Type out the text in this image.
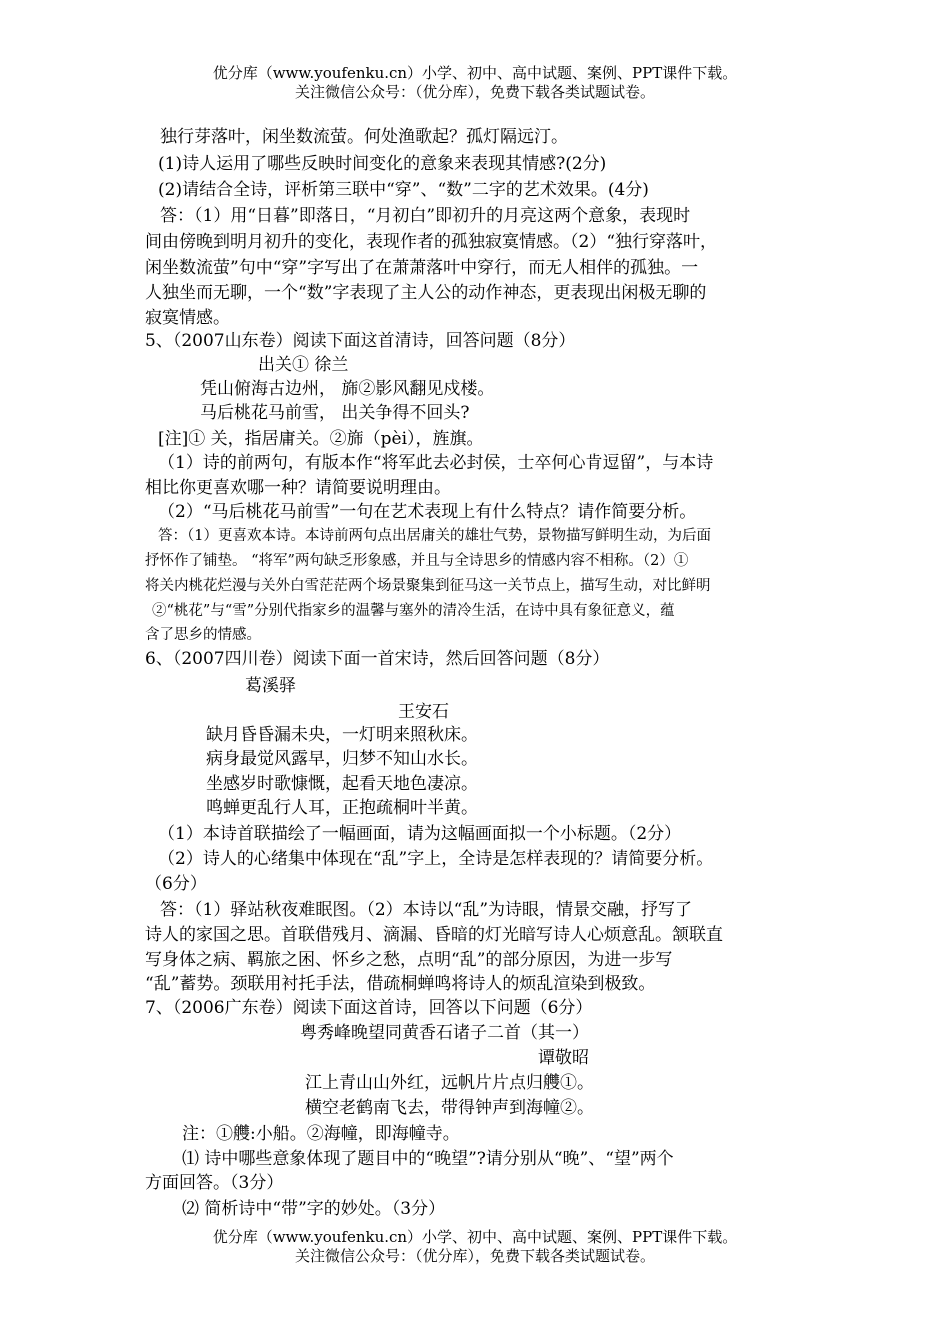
优分库（www.youfenku.cn）小学、初中、高中试题、案例、PPT课件下载。
关注微信公众号：（优分库），免费下载各类试题试卷。
独行芽落叶，闲坐数流萤。何处渔歌起？孤灯隔远汀。
(1)诗人运用了哪些反映时间变化的意象来表现其情感?(2分)
(2)请结合全诗，评析第三联中“穿”、“数”二字的艺术效果。(4分)
答：（1）用“日暮”即落日，“月初白”即初升的月亮这两个意象，表现时
间由傍晚到明月初升的变化，表现作者的孤独寂寞情感。（2）“独行穿落叶，
闲坐数流萤”句中“穿”字写出了在萧萧落叶中穿行，而无人相伴的孤独。一
人独坐而无聊，一个“数”字表现了主人公的动作神态，更表现出闲极无聊的
寂寞情感。
5、（2007山东卷）阅读下面这首清诗，回答问题（8分）
出关① 徐兰
凭山俯海古边州， 旆②影风翻见戍楼。
马后桃花马前雪， 出关争得不回头?
[注]① 关，指居庸关。②旆（pèi），旌旗。
（1）诗的前两句，有版本作“将军此去必封侯，士卒何心肯逗留”，与本诗
相比你更喜欢哪一种？请简要说明理由。
（2）“马后桃花马前雪”一句在艺术表现上有什么特点？请作简要分析。
答：（1）更喜欢本诗。本诗前两句点出居庸关的雄壮气势，景物描写鲜明生动，为后面
抒怀作了铺垫。 “将军”两句缺乏形象感，并且与全诗思乡的情感内容不相称。（2）①
将关内桃花烂漫与关外白雪茫茫两个场景聚集到征马这一关节点上，描写生动，对比鲜明
②“桃花”与“雪”分别代指家乡的温馨与塞外的清冷生活，在诗中具有象征意义，蕴
含了思乡的情感。
6、（2007四川卷）阅读下面一首宋诗，然后回答问题（8分）
葛溪驿
王安石
缺月昏昏漏未央，一灯明来照秋床。
病身最觉风露早，归梦不知山水长。
坐感岁时歌慷慨，起看天地色凄凉。
鸣蝉更乱行人耳，正抱疏桐叶半黄。
（1）本诗首联描绘了一幅画面，请为这幅画面拟一个小标题。（2分）
（2）诗人的心绪集中体现在“乱”字上，全诗是怎样表现的？请简要分析。
（6分）
答：（1）驿站秋夜难眠图。（2）本诗以“乱”为诗眼，情景交融，抒写了
诗人的家国之思。首联借残月、滴漏、昏暗的灯光暗写诗人心烦意乱。颔联直
写身体之病、羁旅之困、怀乡之愁，点明“乱”的部分原因，为进一步写
“乱”蓄势。颈联用衬托手法，借疏桐蝉鸣将诗人的烦乱渲染到极致。
7、（2006广东卷）阅读下面这首诗，回答以下问题（6分）
粤秀峰晚望同黄香石诸子二首（其一）
谭敬昭
江上青山山外红，远帆片片点归艭①。
横空老鹤南飞去，带得钟声到海幢②。
注：①艭:小船。②海幢，即海幢寺。
⑴ 诗中哪些意象体现了题目中的“晚望”?请分别从“晚”、“望”两个
方面回答。（3分）
⑵ 简析诗中“带”字的妙处。（3分）
优分库（www.youfenku.cn）小学、初中、高中试题、案例、PPT课件下载。
关注微信公众号：（优分库），免费下载各类试题试卷。
